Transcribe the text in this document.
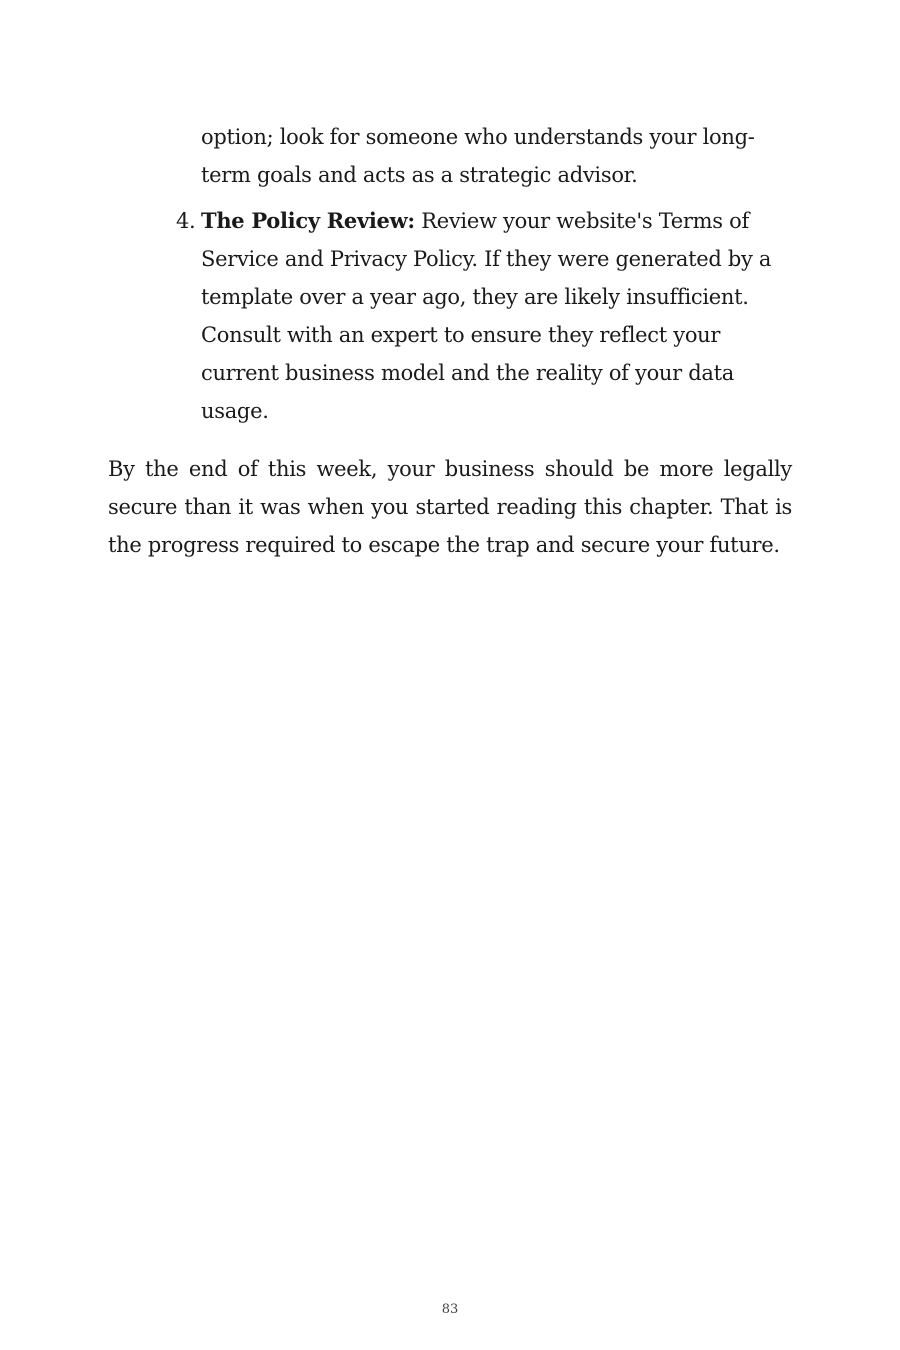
option; look for someone who understands your long-term goals and acts as a strategic advisor.
4. The Policy Review: Review your website's Terms of Service and Privacy Policy. If they were generated by a template over a year ago, they are likely insufficient. Consult with an expert to ensure they reflect your current business model and the reality of your data usage.

By the end of this week, your business should be more legally secure than it was when you started reading this chapter. That is the progress required to escape the trap and secure your future.

83
